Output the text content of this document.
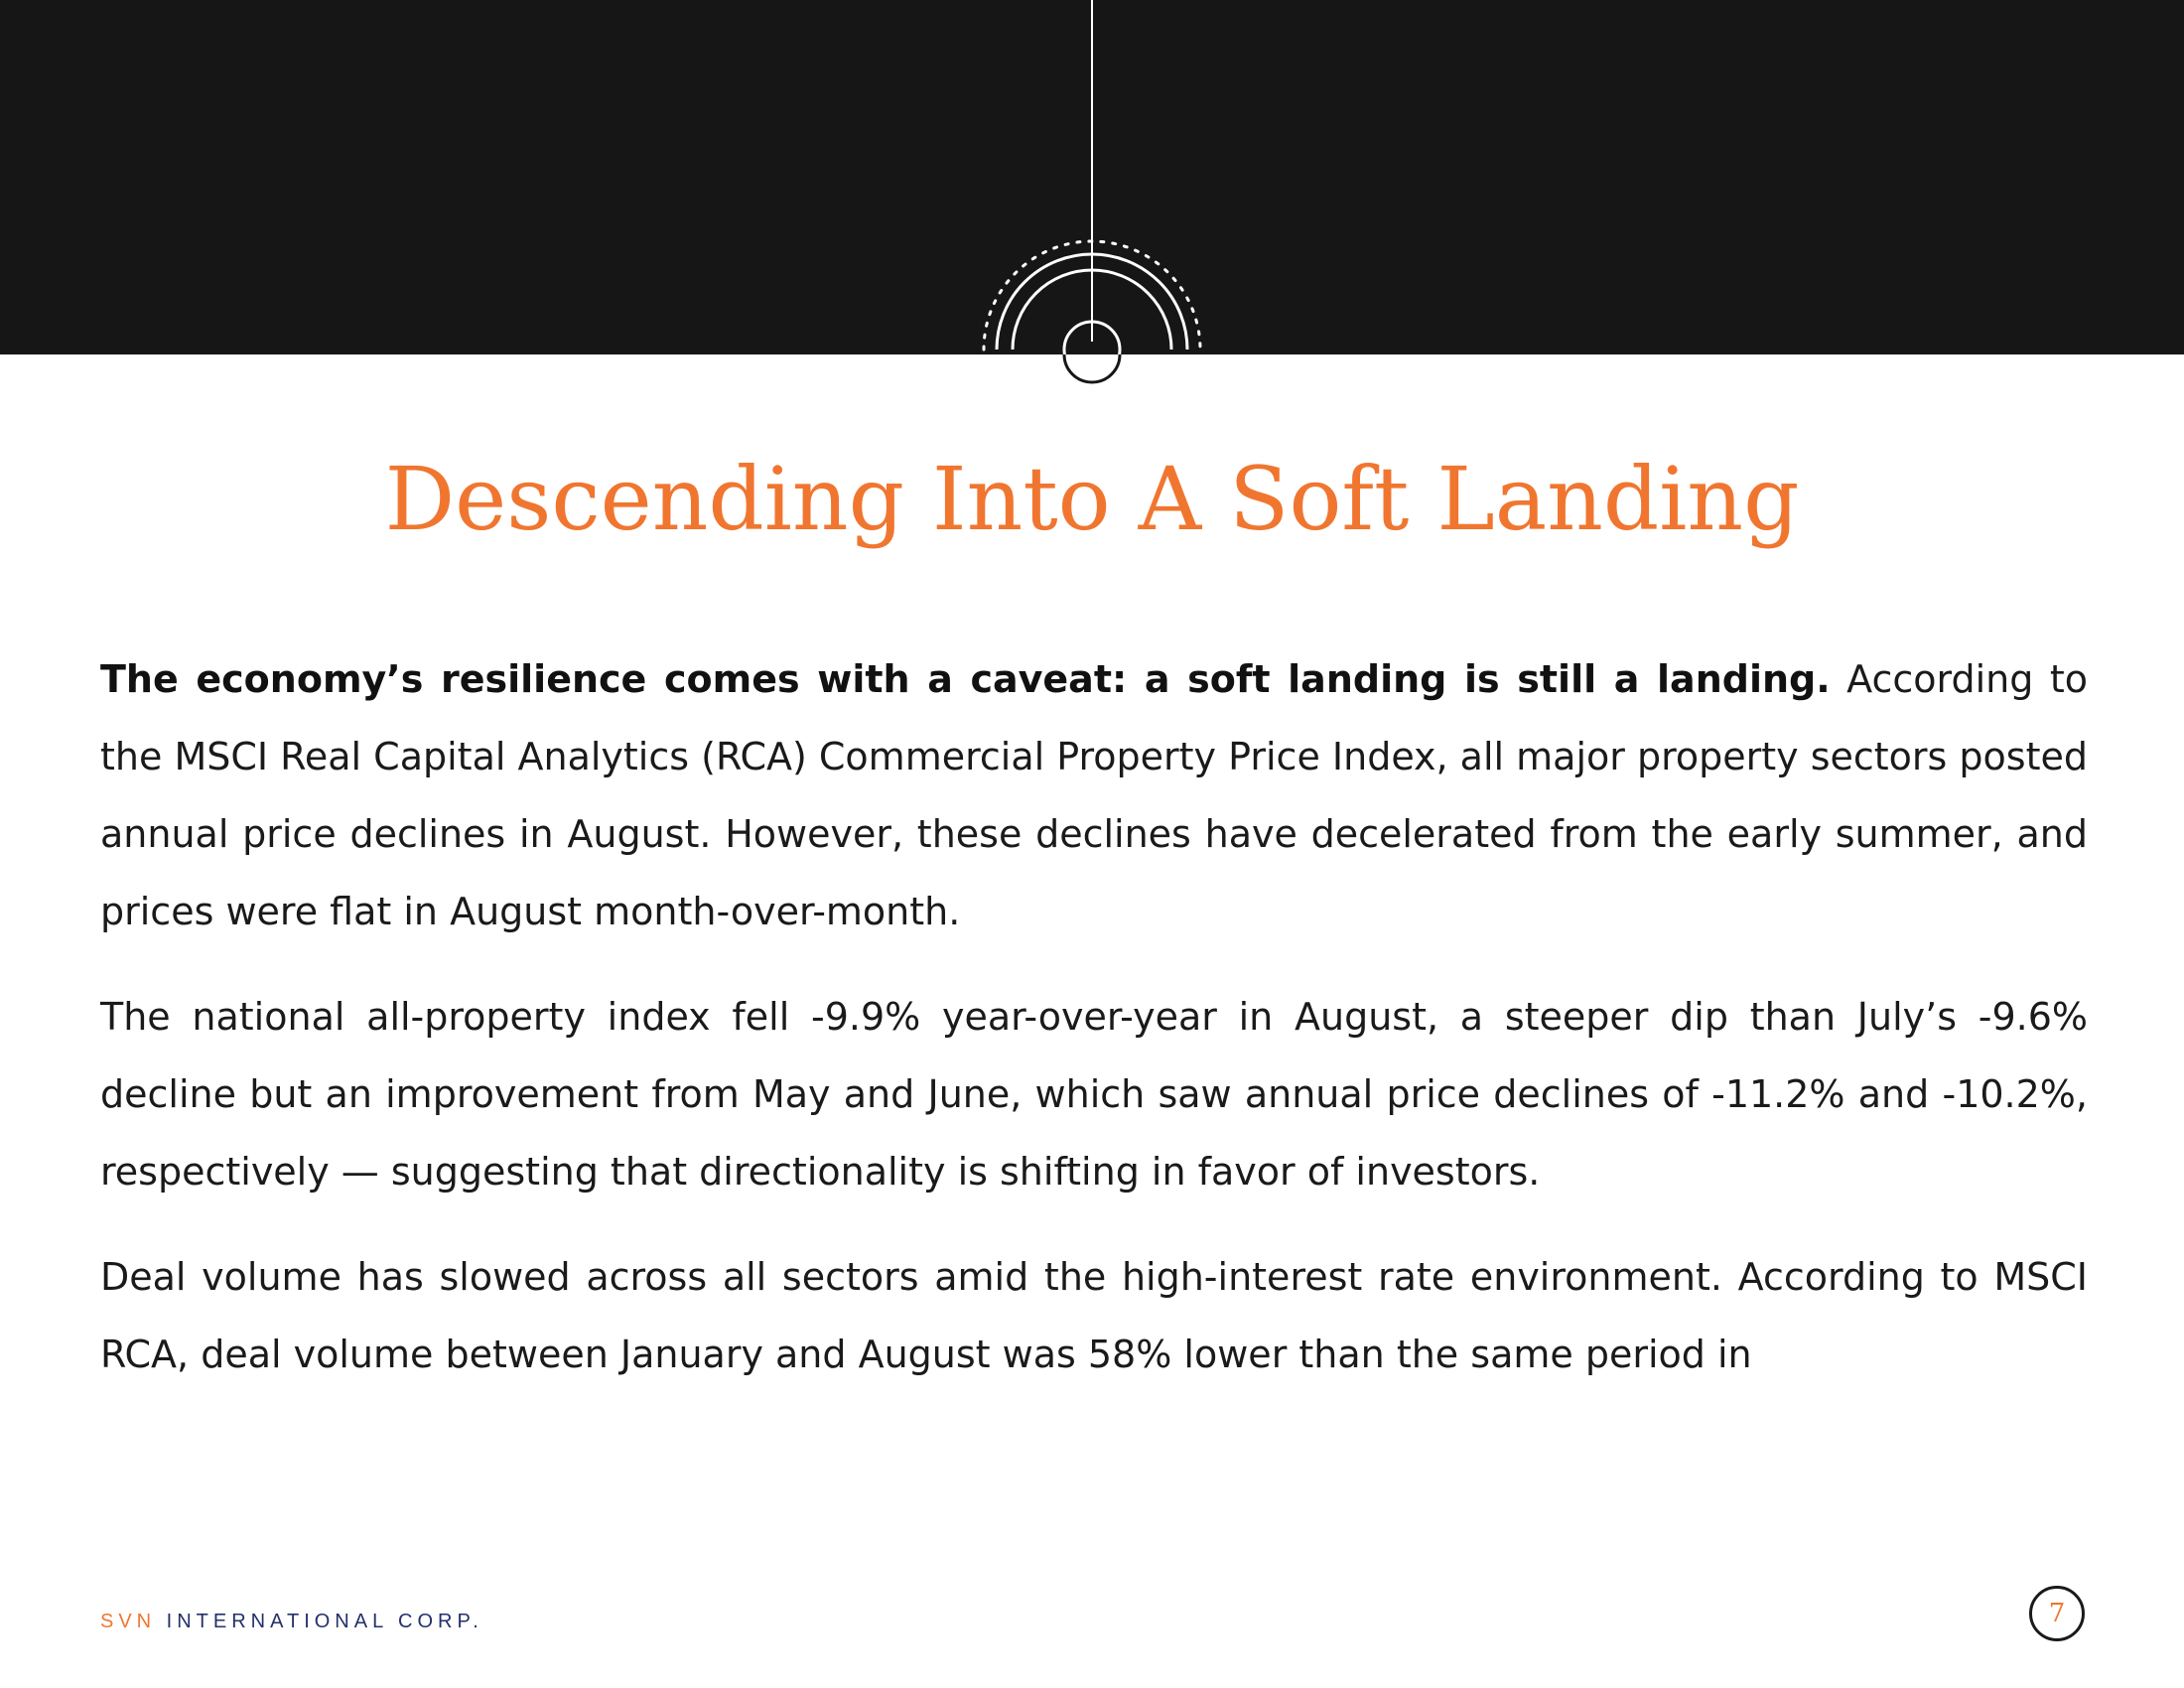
Descending Into A Soft Landing

The economy’s resilience comes with a caveat: a soft landing is still a landing. According to the MSCI Real Capital Analytics (RCA) Commercial Property Price Index, all major property sectors posted annual price declines in August. However, these declines have decelerated from the early summer, and prices were flat in August month-over-month.

The national all-property index fell -9.9% year-over-year in August, a steeper dip than July’s -9.6% decline but an improvement from May and June, which saw annual price declines of -11.2% and -10.2%, respectively — suggesting that directionality is shifting in favor of investors.

Deal volume has slowed across all sectors amid the high-interest rate environment. According to MSCI RCA, deal volume between January and August was 58% lower than the same period in

SVN INTERNATIONAL CORP.	7
